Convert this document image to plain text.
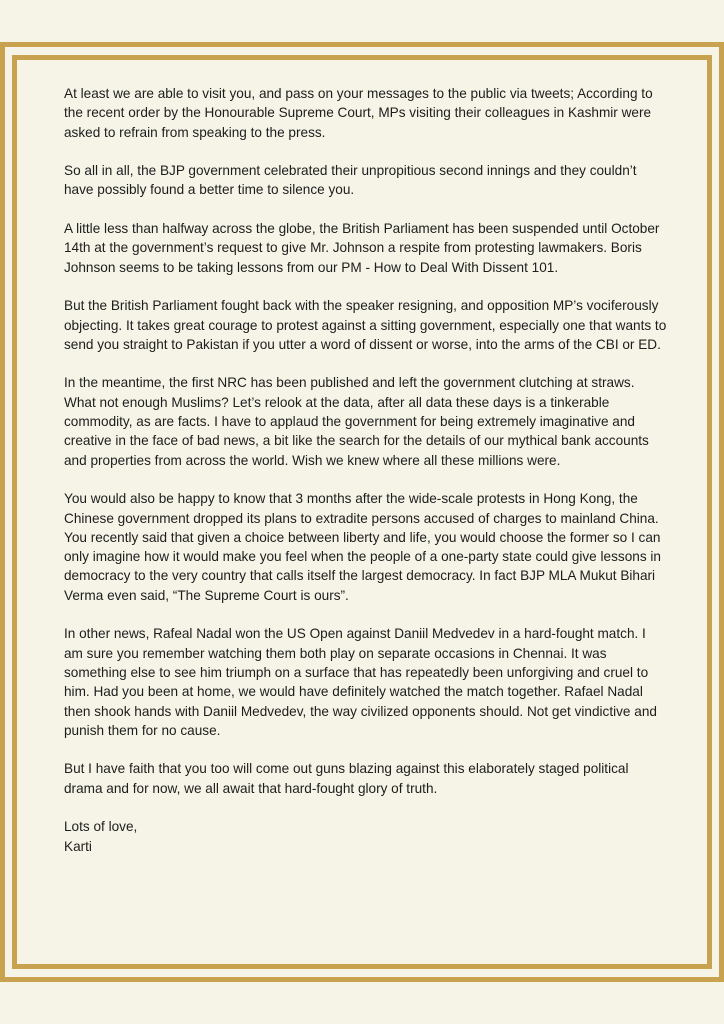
At least we are able to visit you, and pass on your messages to the public via tweets; According to the recent order by the Honourable Supreme Court, MPs visiting their colleagues in Kashmir were asked to refrain from speaking to the press.

So all in all, the BJP government celebrated their unpropitious second innings and they couldn’t have possibly found a better time to silence you.

A little less than halfway across the globe, the British Parliament has been suspended until October 14th at the government’s request to give Mr. Johnson a respite from protesting lawmakers. Boris Johnson seems to be taking lessons from our PM - How to Deal With Dissent 101.

But the British Parliament fought back with the speaker resigning, and opposition MP’s vociferously objecting. It takes great courage to protest against a sitting government, especially one that wants to send you straight to Pakistan if you utter a word of dissent or worse, into the arms of the CBI or ED.

In the meantime, the first NRC has been published and left the government clutching at straws. What not enough Muslims? Let’s relook at the data, after all data these days is a tinkerable commodity, as are facts. I have to applaud the government for being extremely imaginative and creative in the face of bad news, a bit like the search for the details of our mythical bank accounts and properties from across the world. Wish we knew where all these millions were.

You would also be happy to know that 3 months after the wide-scale protests in Hong Kong, the Chinese government dropped its plans to extradite persons accused of charges to mainland China. You recently said that given a choice between liberty and life, you would choose the former so I can only imagine how it would make you feel when the people of a one-party state could give lessons in democracy to the very country that calls itself the largest democracy. In fact BJP MLA Mukut Bihari Verma even said, “The Supreme Court is ours”.

In other news, Rafeal Nadal won the US Open against Daniil Medvedev in a hard-fought match. I am sure you remember watching them both play on separate occasions in Chennai. It was something else to see him triumph on a surface that has repeatedly been unforgiving and cruel to him. Had you been at home, we would have definitely watched the match together. Rafael Nadal then shook hands with Daniil Medvedev, the way civilized opponents should. Not get vindictive and punish them for no cause.

But I have faith that you too will come out guns blazing against this elaborately staged political drama and for now, we all await that hard-fought glory of truth.

Lots of love,

Karti
